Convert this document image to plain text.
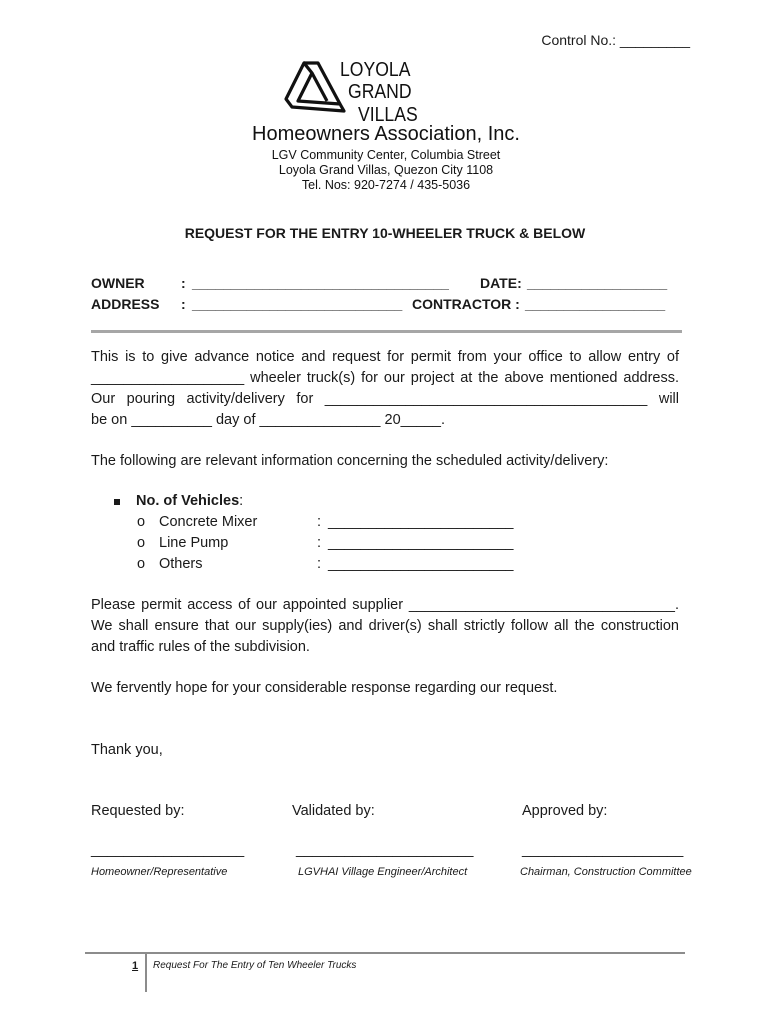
Control No.: _________
LOYOLA
GRAND
VILLAS
Homeowners Association, Inc.
LGV Community Center, Columbia Street
Loyola Grand Villas, Quezon City 1108
Tel. Nos: 920-7274 / 435-5036
REQUEST FOR THE ENTRY 10-WHEELER TRUCK & BELOW
OWNER	: _________________________________ DATE: __________________
ADDRESS : ___________________________ CONTRACTOR : __________________
This is to give advance notice and request for permit from your office to allow entry of
___________________ wheeler truck(s) for our project at the above mentioned address.
Our pouring activity/delivery for ________________________________________ will
be on __________ day of _______________ 20_____.
The following are relevant information concerning the scheduled activity/delivery:
No. of Vehicles:
o Concrete Mixer	: _______________________
o Line Pump	: _______________________
o Others	: _______________________
Please permit access of our appointed supplier _________________________________.
We shall ensure that our supply(ies) and driver(s) shall strictly follow all the construction
and traffic rules of the subdivision.
We fervently hope for your considerable response regarding our request.
Thank you,
Requested by:
___________________
Homeowner/Representative
Validated by:
______________________
LGVHAI Village Engineer/Architect
Approved by:
____________________
Chairman, Construction Committee
1 Request For The Entry of Ten Wheeler Trucks
